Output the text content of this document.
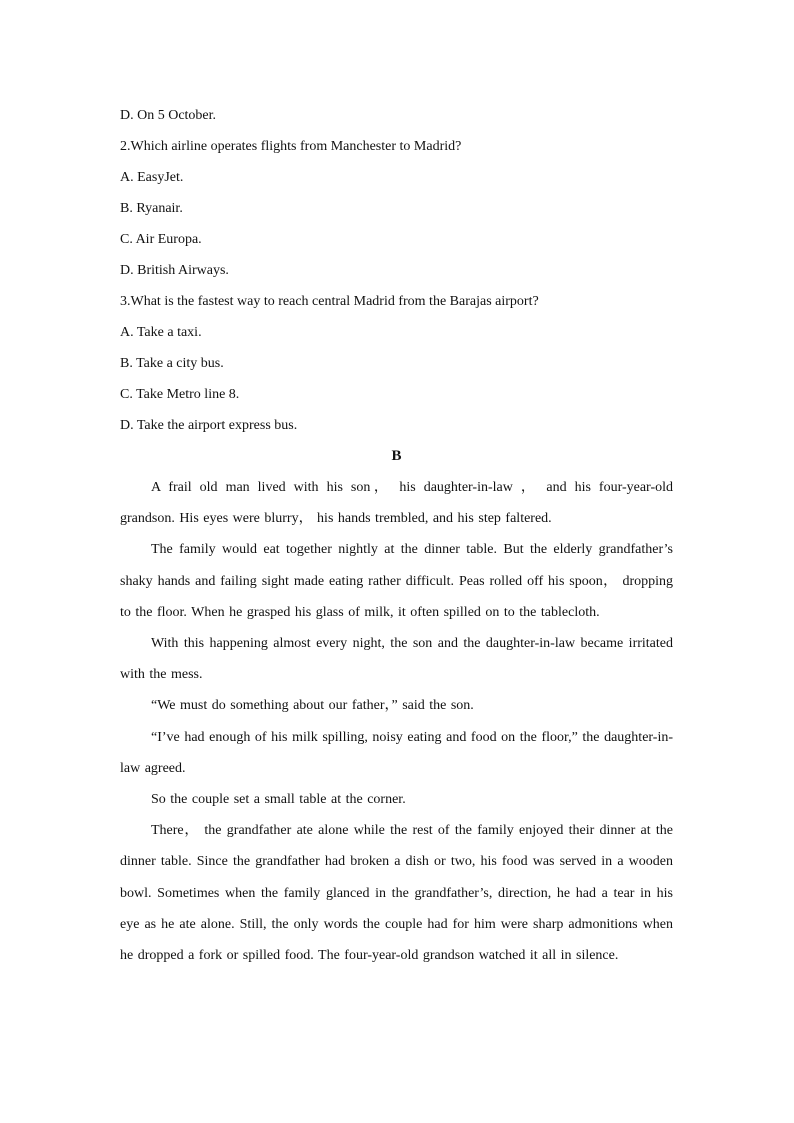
D. On 5 October.
2.Which airline operates flights from Manchester to Madrid?
A. EasyJet.
B. Ryanair.
C. Air Europa.
D. British Airways.
3.What is the fastest way to reach central Madrid from the Barajas airport?
A. Take a taxi.
B. Take a city bus.
C. Take Metro line 8.
D. Take the airport express bus.
B

A frail old man lived with his son， his daughter-in-law ， and his four-year-old grandson. His eyes were blurry， his hands trembled, and his step faltered.

The family would eat together nightly at the dinner table. But the elderly grandfather’s shaky hands and failing sight made eating rather difficult. Peas rolled off his spoon， dropping to the floor. When he grasped his glass of milk, it often spilled on to the tablecloth.

With this happening almost every night, the son and the daughter-in-law became irritated with the mess.

“We must do something about our father，” said the son.

“I’ve had enough of his milk spilling, noisy eating and food on the floor,” the daughter-in-law agreed.

So the couple set a small table at the corner.

There， the grandfather ate alone while the rest of the family enjoyed their dinner at the dinner table. Since the grandfather had broken a dish or two, his food was served in a wooden bowl. Sometimes when the family glanced in the grandfather’s, direction, he had a tear in his eye as he ate alone. Still, the only words the couple had for him were sharp admonitions when he dropped a fork or spilled food. The four-year-old grandson watched it all in silence.
